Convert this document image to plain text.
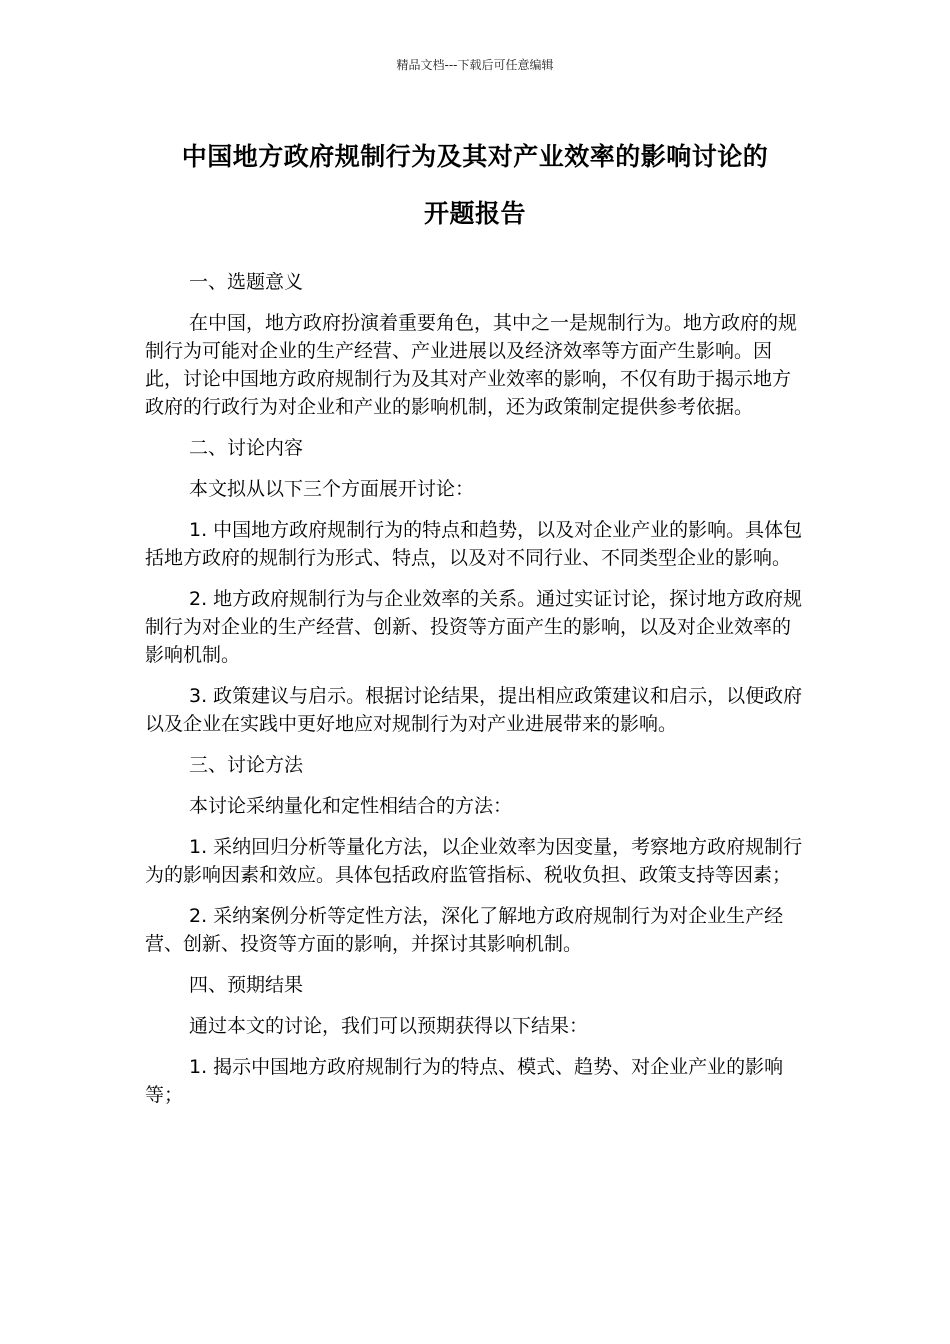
精品文档---下载后可任意编辑
中国地方政府规制行为及其对产业效率的影响讨论的
开题报告

一、选题意义

在中国，地方政府扮演着重要角色，其中之一是规制行为。地方政府的规制行为可能对企业的生产经营、产业进展以及经济效率等方面产生影响。因此，讨论中国地方政府规制行为及其对产业效率的影响，不仅有助于揭示地方政府的行政行为对企业和产业的影响机制，还为政策制定提供参考依据。

二、讨论内容

本文拟从以下三个方面展开讨论：

1. 中国地方政府规制行为的特点和趋势，以及对企业产业的影响。具体包括地方政府的规制行为形式、特点，以及对不同行业、不同类型企业的影响。

2. 地方政府规制行为与企业效率的关系。通过实证讨论，探讨地方政府规制行为对企业的生产经营、创新、投资等方面产生的影响，以及对企业效率的影响机制。

3. 政策建议与启示。根据讨论结果，提出相应政策建议和启示，以便政府以及企业在实践中更好地应对规制行为对产业进展带来的影响。

三、讨论方法

本讨论采纳量化和定性相结合的方法：

1. 采纳回归分析等量化方法，以企业效率为因变量，考察地方政府规制行为的影响因素和效应。具体包括政府监管指标、税收负担、政策支持等因素；

2. 采纳案例分析等定性方法，深化了解地方政府规制行为对企业生产经营、创新、投资等方面的影响，并探讨其影响机制。

四、预期结果

通过本文的讨论，我们可以预期获得以下结果：

1. 揭示中国地方政府规制行为的特点、模式、趋势、对企业产业的影响等；
